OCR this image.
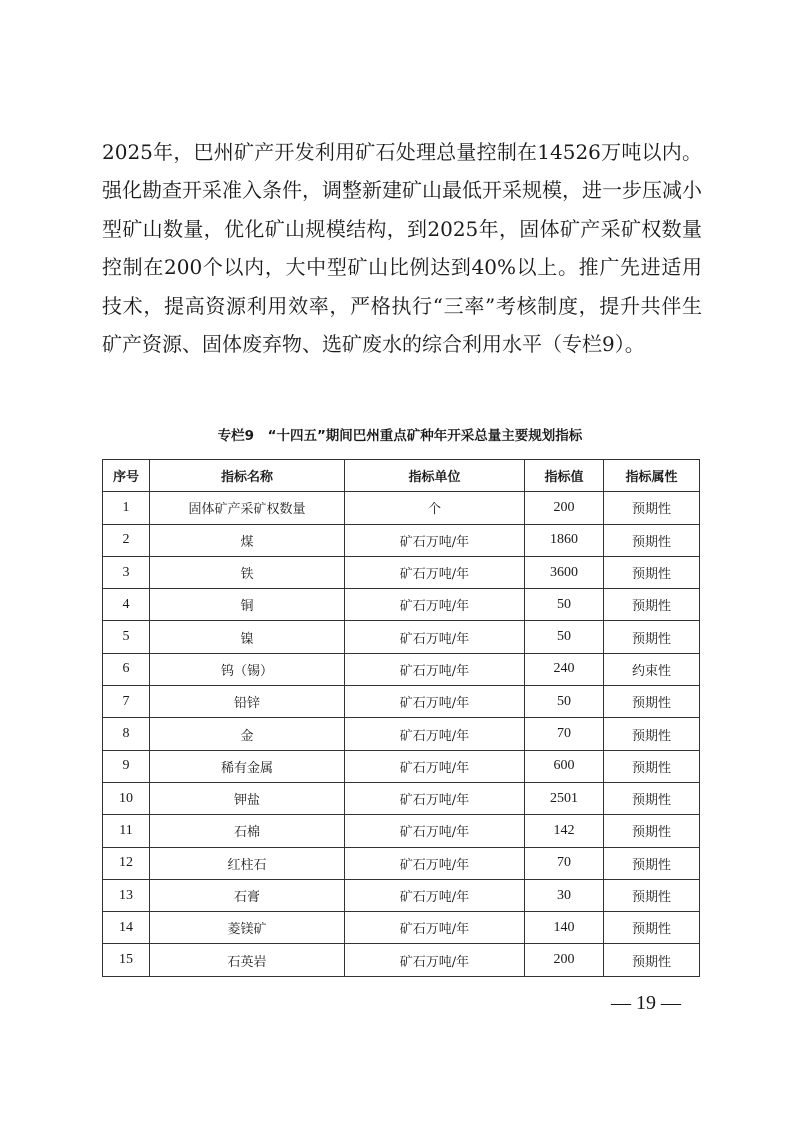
2025年，巴州矿产开发利用矿石处理总量控制在14526万吨以内。强化勘查开采准入条件，调整新建矿山最低开采规模，进一步压减小型矿山数量，优化矿山规模结构，到2025年，固体矿产采矿权数量控制在200个以内，大中型矿山比例达到40%以上。推广先进适用技术，提高资源利用效率，严格执行“三率”考核制度，提升共伴生矿产资源、固体废弃物、选矿废水的综合利用水平（专栏9）。

专栏9　“十四五”期间巴州重点矿种年开采总量主要规划指标
序号	指标名称	指标单位	指标值	指标属性
1	固体矿产采矿权数量	个	200	预期性
2	煤	矿石万吨/年	1860	预期性
3	铁	矿石万吨/年	3600	预期性
4	铜	矿石万吨/年	50	预期性
5	镍	矿石万吨/年	50	预期性
6	钨（锡）	矿石万吨/年	240	约束性
7	铅锌	矿石万吨/年	50	预期性
8	金	矿石万吨/年	70	预期性
9	稀有金属	矿石万吨/年	600	预期性
10	钾盐	矿石万吨/年	2501	预期性
11	石棉	矿石万吨/年	142	预期性
12	红柱石	矿石万吨/年	70	预期性
13	石膏	矿石万吨/年	30	预期性
14	菱镁矿	矿石万吨/年	140	预期性
15	石英岩	矿石万吨/年	200	预期性
— 19 —
